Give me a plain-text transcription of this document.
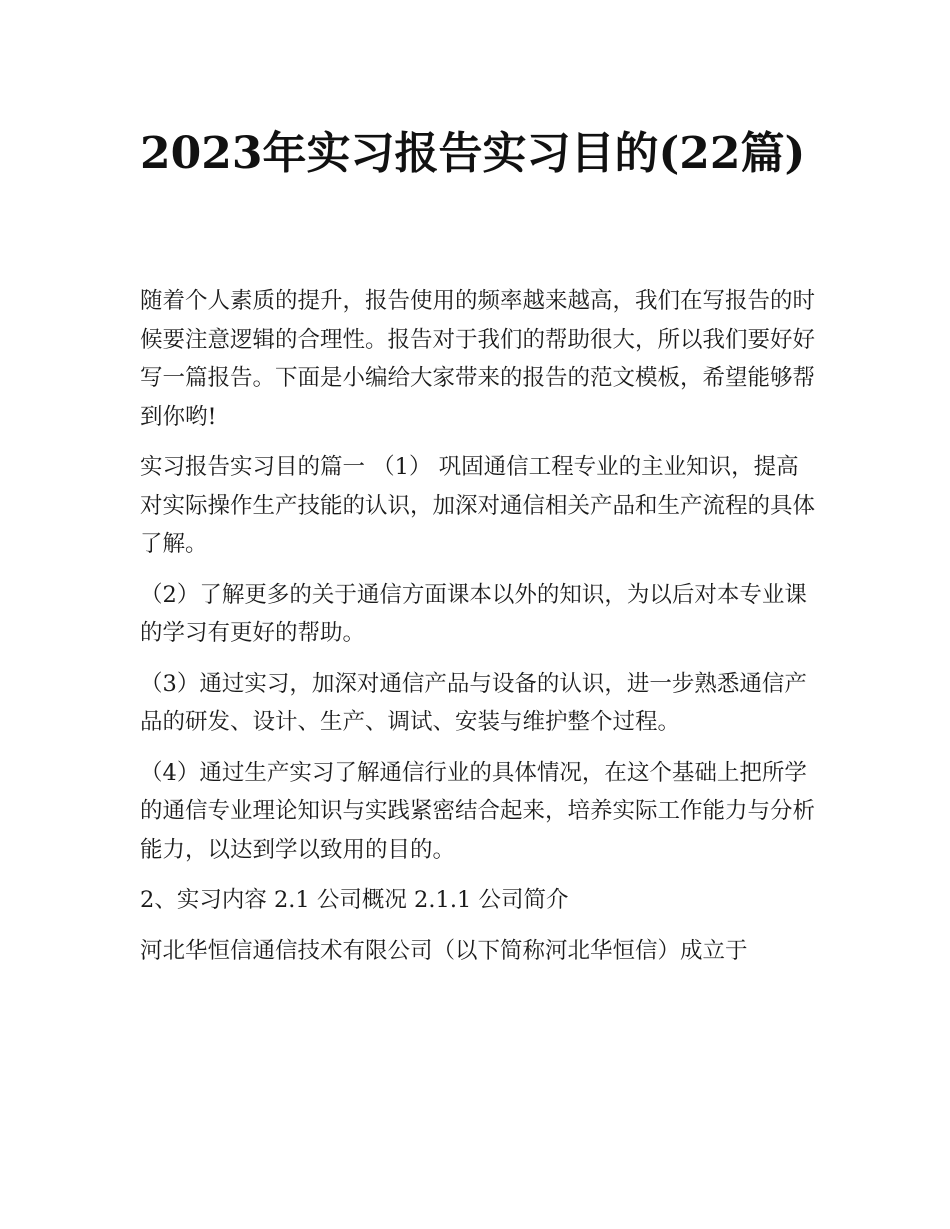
2023年实习报告实习目的(22篇)

随着个人素质的提升，报告使用的频率越来越高，我们在写报告的时候要注意逻辑的合理性。报告对于我们的帮助很大，所以我们要好好写一篇报告。下面是小编给大家带来的报告的范文模板，希望能够帮到你哟!

实习报告实习目的篇一 （1） 巩固通信工程专业的主业知识，提高对实际操作生产技能的认识，加深对通信相关产品和生产流程的具体了解。

（2）了解更多的关于通信方面课本以外的知识，为以后对本专业课的学习有更好的帮助。

（3）通过实习，加深对通信产品与设备的认识，进一步熟悉通信产品的研发、设计、生产、调试、安装与维护整个过程。

（4）通过生产实习了解通信行业的具体情况，在这个基础上把所学的通信专业理论知识与实践紧密结合起来，培养实际工作能力与分析能力，以达到学以致用的目的。

2、实习内容 2.1 公司概况 2.1.1 公司简介

河北华恒信通信技术有限公司（以下简称河北华恒信）成立于
